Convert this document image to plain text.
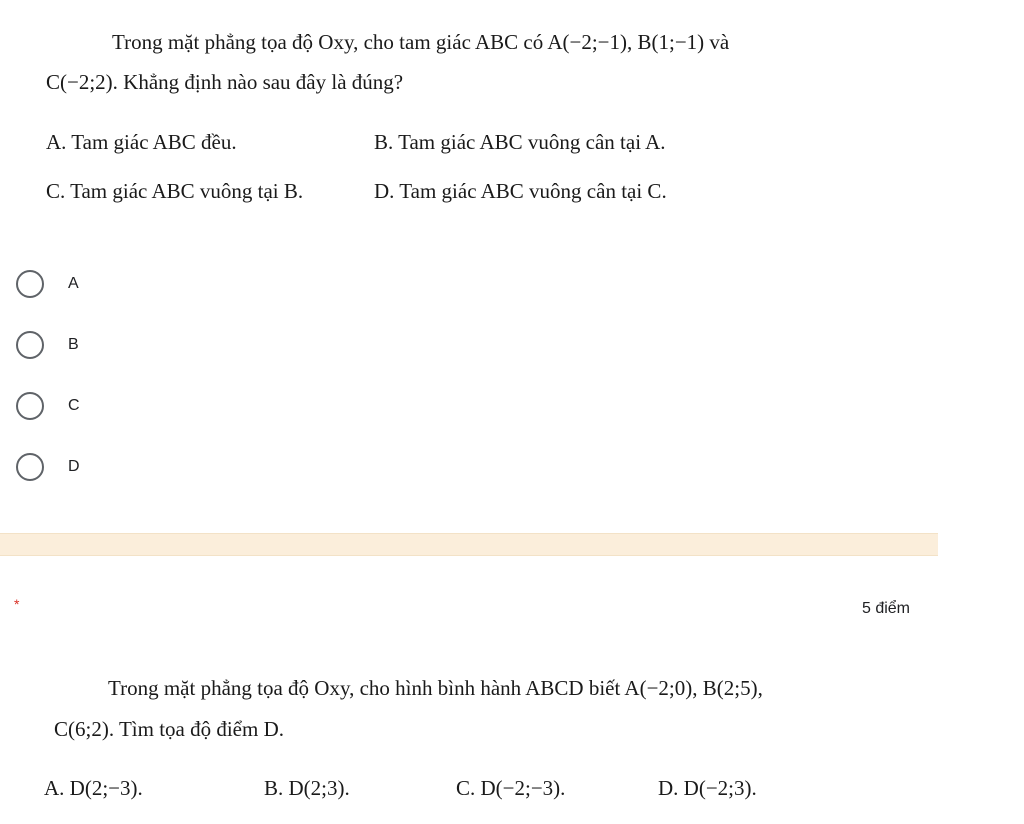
Trong mặt phẳng tọa độ Oxy, cho tam giác ABC có A(−2;−1), B(1;−1) và
C(−2;2). Khẳng định nào sau đây là đúng?
A. Tam giác ABC đều.	B. Tam giác ABC vuông cân tại A.
C. Tam giác ABC vuông tại B.	D. Tam giác ABC vuông cân tại C.
A
B
C
D
*	5 điểm
Trong mặt phẳng tọa độ Oxy, cho hình bình hành ABCD biết A(−2;0), B(2;5),
C(6;2). Tìm tọa độ điểm D.
A. D(2;−3).	B. D(2;3).	C. D(−2;−3).	D. D(−2;3).
